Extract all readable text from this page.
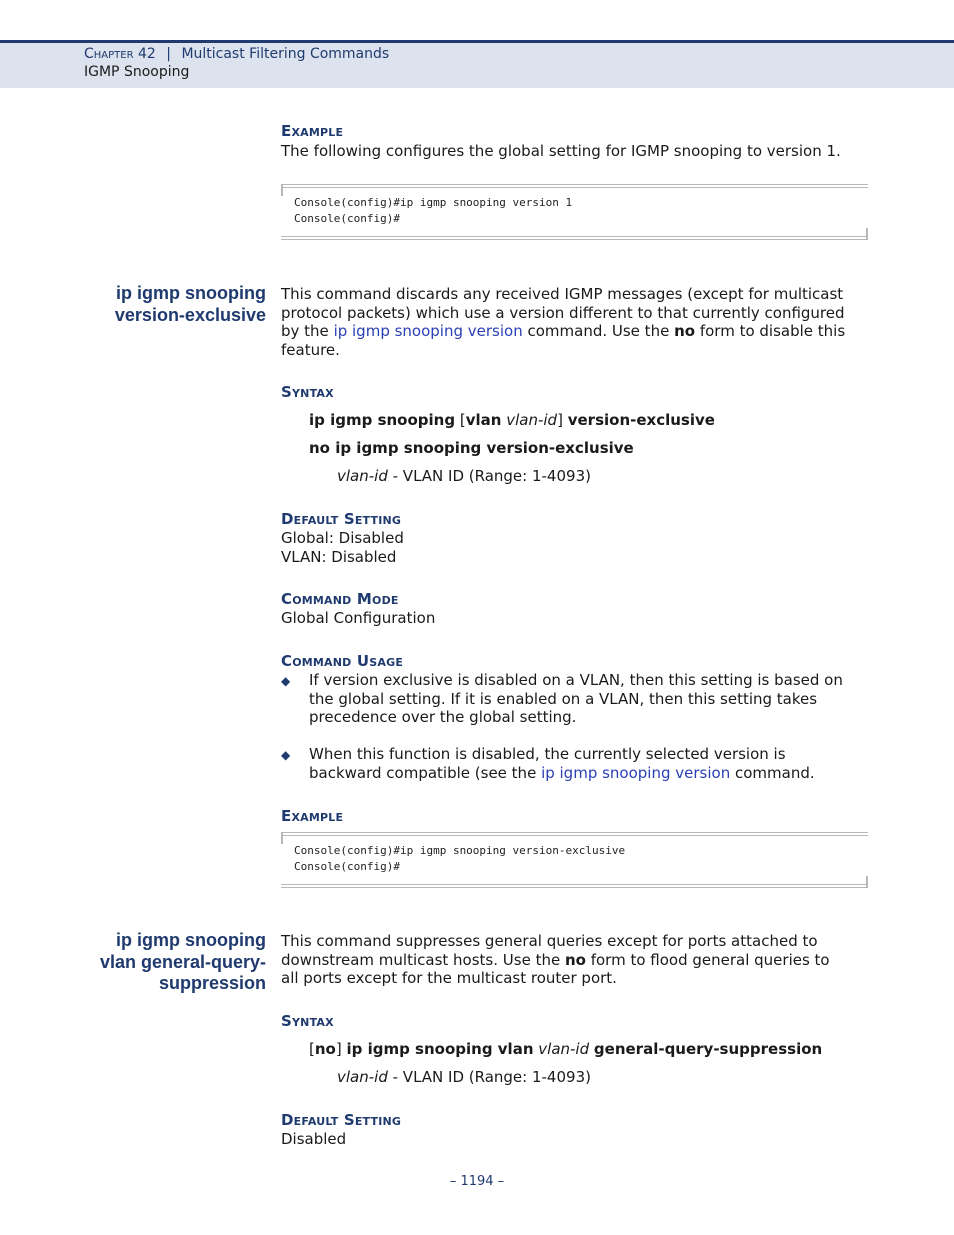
Chapter 42 | Multicast Filtering Commands
IGMP Snooping
Example
The following configures the global setting for IGMP snooping to version 1.
Console(config)#ip igmp snooping version 1
Console(config)#
ip igmp snooping
version-exclusive
This command discards any received IGMP messages (except for multicast
protocol packets) which use a version different to that currently configured
by the ip igmp snooping version command. Use the no form to disable this
feature.
Syntax
ip igmp snooping [vlan vlan-id] version-exclusive
no ip igmp snooping version-exclusive
vlan-id - VLAN ID (Range: 1-4093)
Default Setting
Global: Disabled
VLAN: Disabled
Command Mode
Global Configuration
Command Usage
◆ If version exclusive is disabled on a VLAN, then this setting is based on
the global setting. If it is enabled on a VLAN, then this setting takes
precedence over the global setting.
◆ When this function is disabled, the currently selected version is
backward compatible (see the ip igmp snooping version command.
Example
Console(config)#ip igmp snooping version-exclusive
Console(config)#
ip igmp snooping
vlan general-query-
suppression
This command suppresses general queries except for ports attached to
downstream multicast hosts. Use the no form to flood general queries to
all ports except for the multicast router port.
Syntax
[no] ip igmp snooping vlan vlan-id general-query-suppression
vlan-id - VLAN ID (Range: 1-4093)
Default Setting
Disabled
– 1194 –
